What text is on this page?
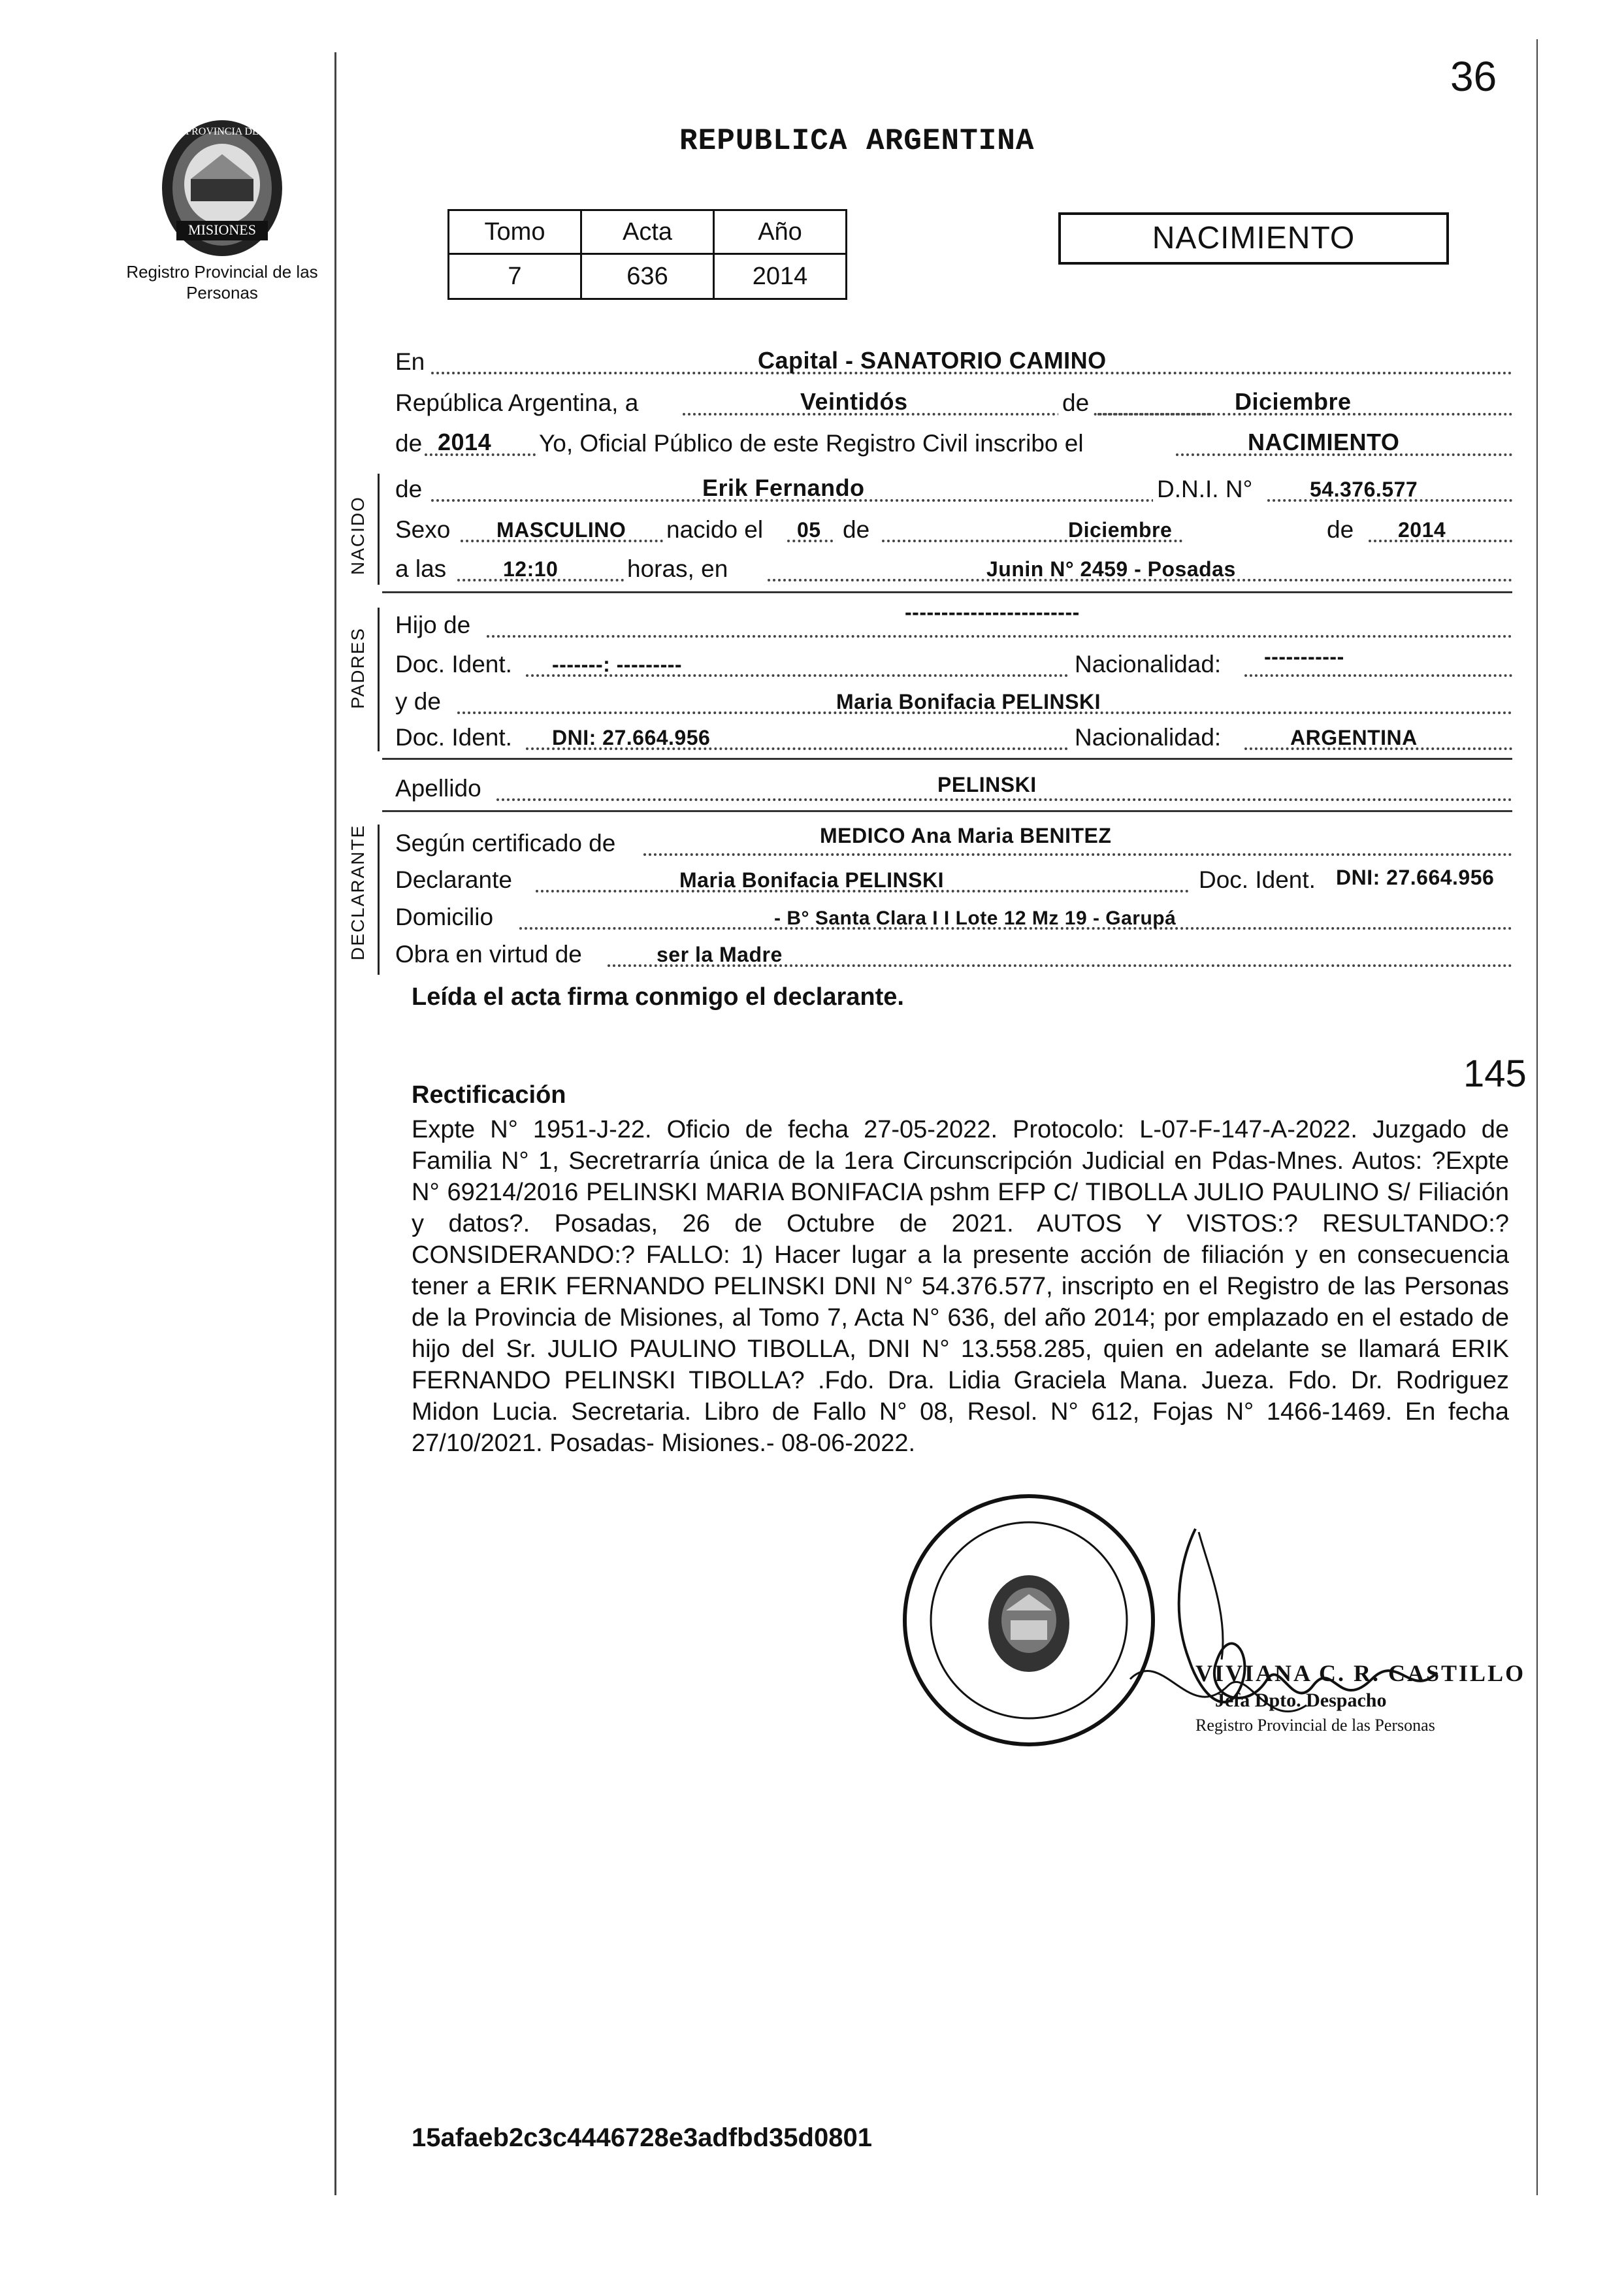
MISIONES
PROVINCIA DE
Registro Provincial de las Personas
36
REPUBLICA ARGENTINA
Tomo	Acta	Año
7	636	2014
NACIMIENTO
En	Capital - SANATORIO CAMINO
República Argentina, a	Veintidós	de	Diciembre
de 2014 Yo, Oficial Público de este Registro Civil inscribo el	NACIMIENTO
NACIDO
de	Erik Fernando	D.N.I. N°	54.376.577
Sexo MASCULINO nacido el 05 de	Diciembre	de 2014
a las	12:10	horas, en	Junin N° 2459 - Posadas
PADRES
Hijo de	------------------------
Doc. Ident. -------: ---------	Nacionalidad: -----------
y de	Maria Bonifacia PELINSKI
Doc. Ident. DNI: 27.664.956	Nacionalidad:	ARGENTINA
Apellido	PELINSKI
DECLARANTE Según certificado de	MEDICO Ana Maria BENITEZ
Declarante	Maria Bonifacia PELINSKI	Doc. Ident. DNI: 27.664.956
Domicilio	- B° Santa Clara I I Lote 12 Mz 19 - Garupá
Obra en virtud de	ser la Madre
Leída el acta firma conmigo el declarante.
145
Rectificación
Expte N° 1951-J-22. Oficio de fecha 27-05-2022. Protocolo: L-07-F-147-A-2022. Juzgado de Familia N° 1, Secretrarría única de la 1era Circunscripción Judicial en Pdas-Mnes. Autos: ?Expte N° 69214/2016 PELINSKI MARIA BONIFACIA pshm EFP C/ TIBOLLA JULIO PAULINO S/ Filiación y datos?. Posadas, 26 de Octubre de 2021. AUTOS Y VISTOS:? RESULTANDO:? CONSIDERANDO:? FALLO: 1) Hacer lugar a la presente acción de filiación y en consecuencia tener a ERIK FERNANDO PELINSKI DNI N° 54.376.577, inscripto en el Registro de las Personas de la Provincia de Misiones, al Tomo 7, Acta N° 636, del año 2014; por emplazado en el estado de hijo del Sr. JULIO PAULINO TIBOLLA, DNI N° 13.558.285, quien en adelante se llamará ERIK FERNANDO PELINSKI TIBOLLA? .Fdo. Dra. Lidia Graciela Mana. Jueza. Fdo. Dr. Rodriguez Midon Lucia. Secretaria. Libro de Fallo N° 08, Resol. N° 612, Fojas N° 1466-1469. En fecha 27/10/2021. Posadas- Misiones.- 08-06-2022.
VIVIANA C. R. CASTILLO
Jefa Dpto. Despacho
Registro Provincial de las Personas
15afaeb2c3c4446728e3adfbd35d0801
